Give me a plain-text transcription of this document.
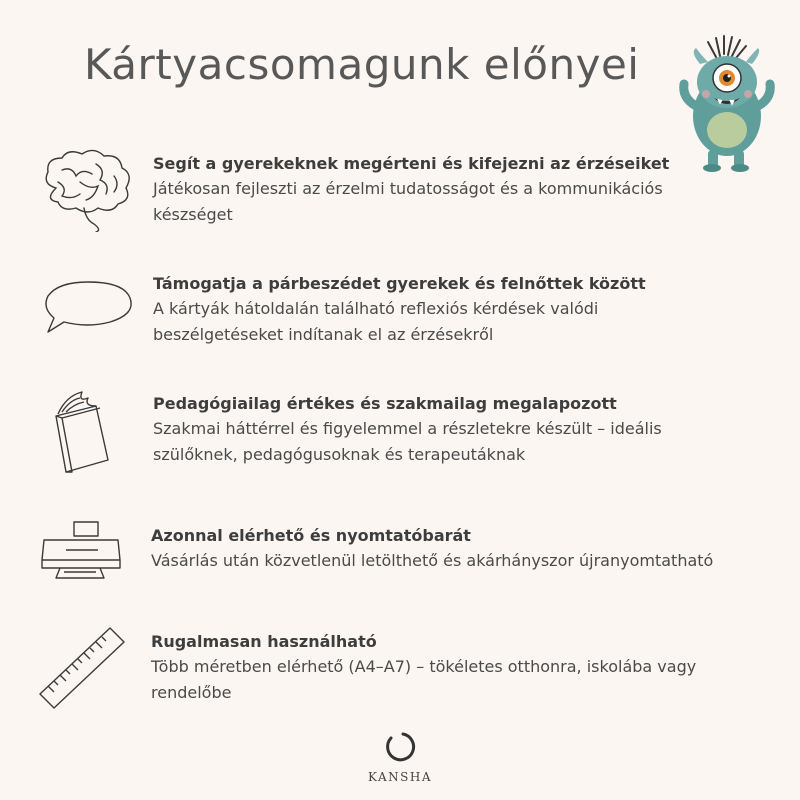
Kártyacsomagunk előnyei
Segít a gyerekeknek megérteni és kifejezni az érzéseiket
Játékosan fejleszti az érzelmi tudatosságot és a kommunikációs
készséget
Támogatja a párbeszédet gyerekek és felnőttek között
A kártyák hátoldalán található reflexiós kérdések valódi
beszélgetéseket indítanak el az érzésekről
Pedagógiailag értékes és szakmailag megalapozott
Szakmai háttérrel és figyelemmel a részletekre készült – ideális
szülőknek, pedagógusoknak és terapeutáknak
Azonnal elérhető és nyomtatóbarát
Vásárlás után közvetlenül letölthető és akárhányszor újranyomtatható
Rugalmasan használható
Több méretben elérhető (A4–A7) – tökéletes otthonra, iskolába vagy
rendelőbe
KANSHA
